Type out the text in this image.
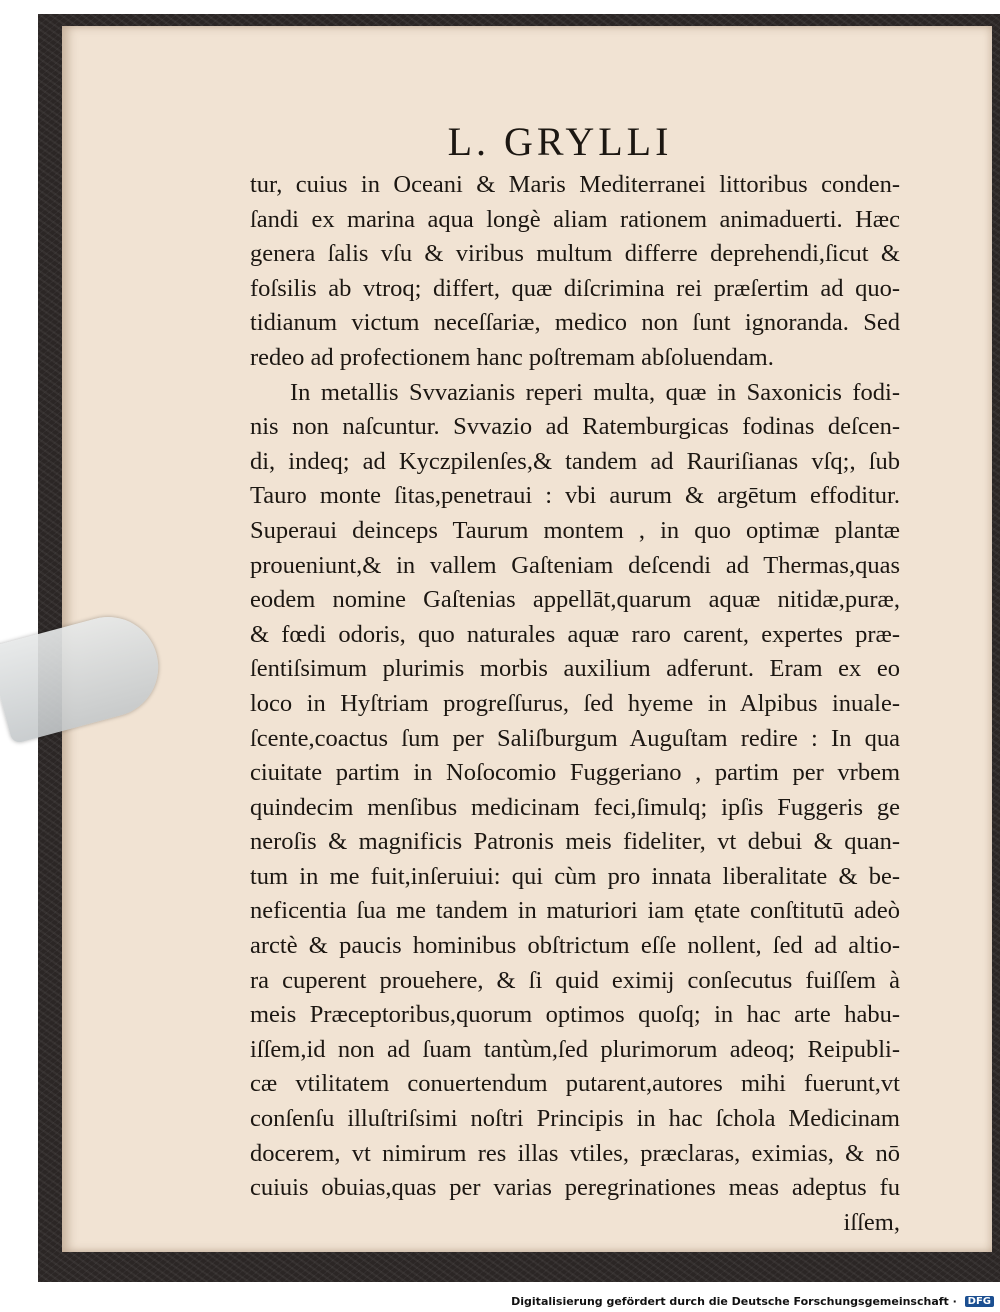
L. GRYLLI
tur, cuius in Oceani & Maris Mediterranei littoribus conden-
ſandi ex marina aqua longè aliam rationem animaduerti. Hæc
genera ſalis vſu & viribus multum differre deprehendi,ſicut &
foſsilis ab vtroq; differt, quæ diſcrimina rei præſertim ad quo-
tidianum victum neceſſariæ, medico non ſunt ignoranda. Sed
redeo ad profectionem hanc poſtremam abſoluendam.
In metallis Svvazianis reperi multa, quæ in Saxonicis fodi-
nis non naſcuntur. Svvazio ad Ratemburgicas fodinas deſcen-
di, indeq; ad Kyczpilenſes,& tandem ad Rauriſianas vſq;, ſub
Tauro monte ſitas,penetraui : vbi aurum & argētum effoditur.
Superaui deinceps Taurum montem , in quo optimæ plantæ
proueniunt,& in vallem Gaſteniam deſcendi ad Thermas,quas
eodem nomine Gaſtenias appellāt,quarum aquæ nitidæ,puræ,
& fœdi odoris, quo naturales aquæ raro carent, expertes præ-
ſentiſsimum plurimis morbis auxilium adferunt. Eram ex eo
loco in Hyſtriam progreſſurus, ſed hyeme in Alpibus inuale-
ſcente,coactus ſum per Saliſburgum Auguſtam redire : In qua
ciuitate partim in Noſocomio Fuggeriano , partim per vrbem
quindecim menſibus medicinam feci,ſimulq; ipſis Fuggeris ge
neroſis & magnificis Patronis meis fideliter, vt debui & quan-
tum in me fuit,inſeruiui: qui cùm pro innata liberalitate & be-
neficentia ſua me tandem in maturiori iam ętate conſtitutū adeò
arctè & paucis hominibus obſtrictum eſſe nollent, ſed ad altio-
ra cuperent prouehere, & ſi quid eximij conſecutus fuiſſem à
meis Præceptoribus,quorum optimos quoſq; in hac arte habu-
iſſem,id non ad ſuam tantùm,ſed plurimorum adeoq; Reipubli-
cæ vtilitatem conuertendum putarent,autores mihi fuerunt,vt
conſenſu illuſtriſsimi noſtri Principis in hac ſchola Medicinam
docerem, vt nimirum res illas vtiles, præclaras, eximias, & nō
cuiuis obuias,quas per varias peregrinationes meas adeptus fu
iſſem,
Digitalisierung gefördert durch die Deutsche Forschungsgemeinschaft · DFG
